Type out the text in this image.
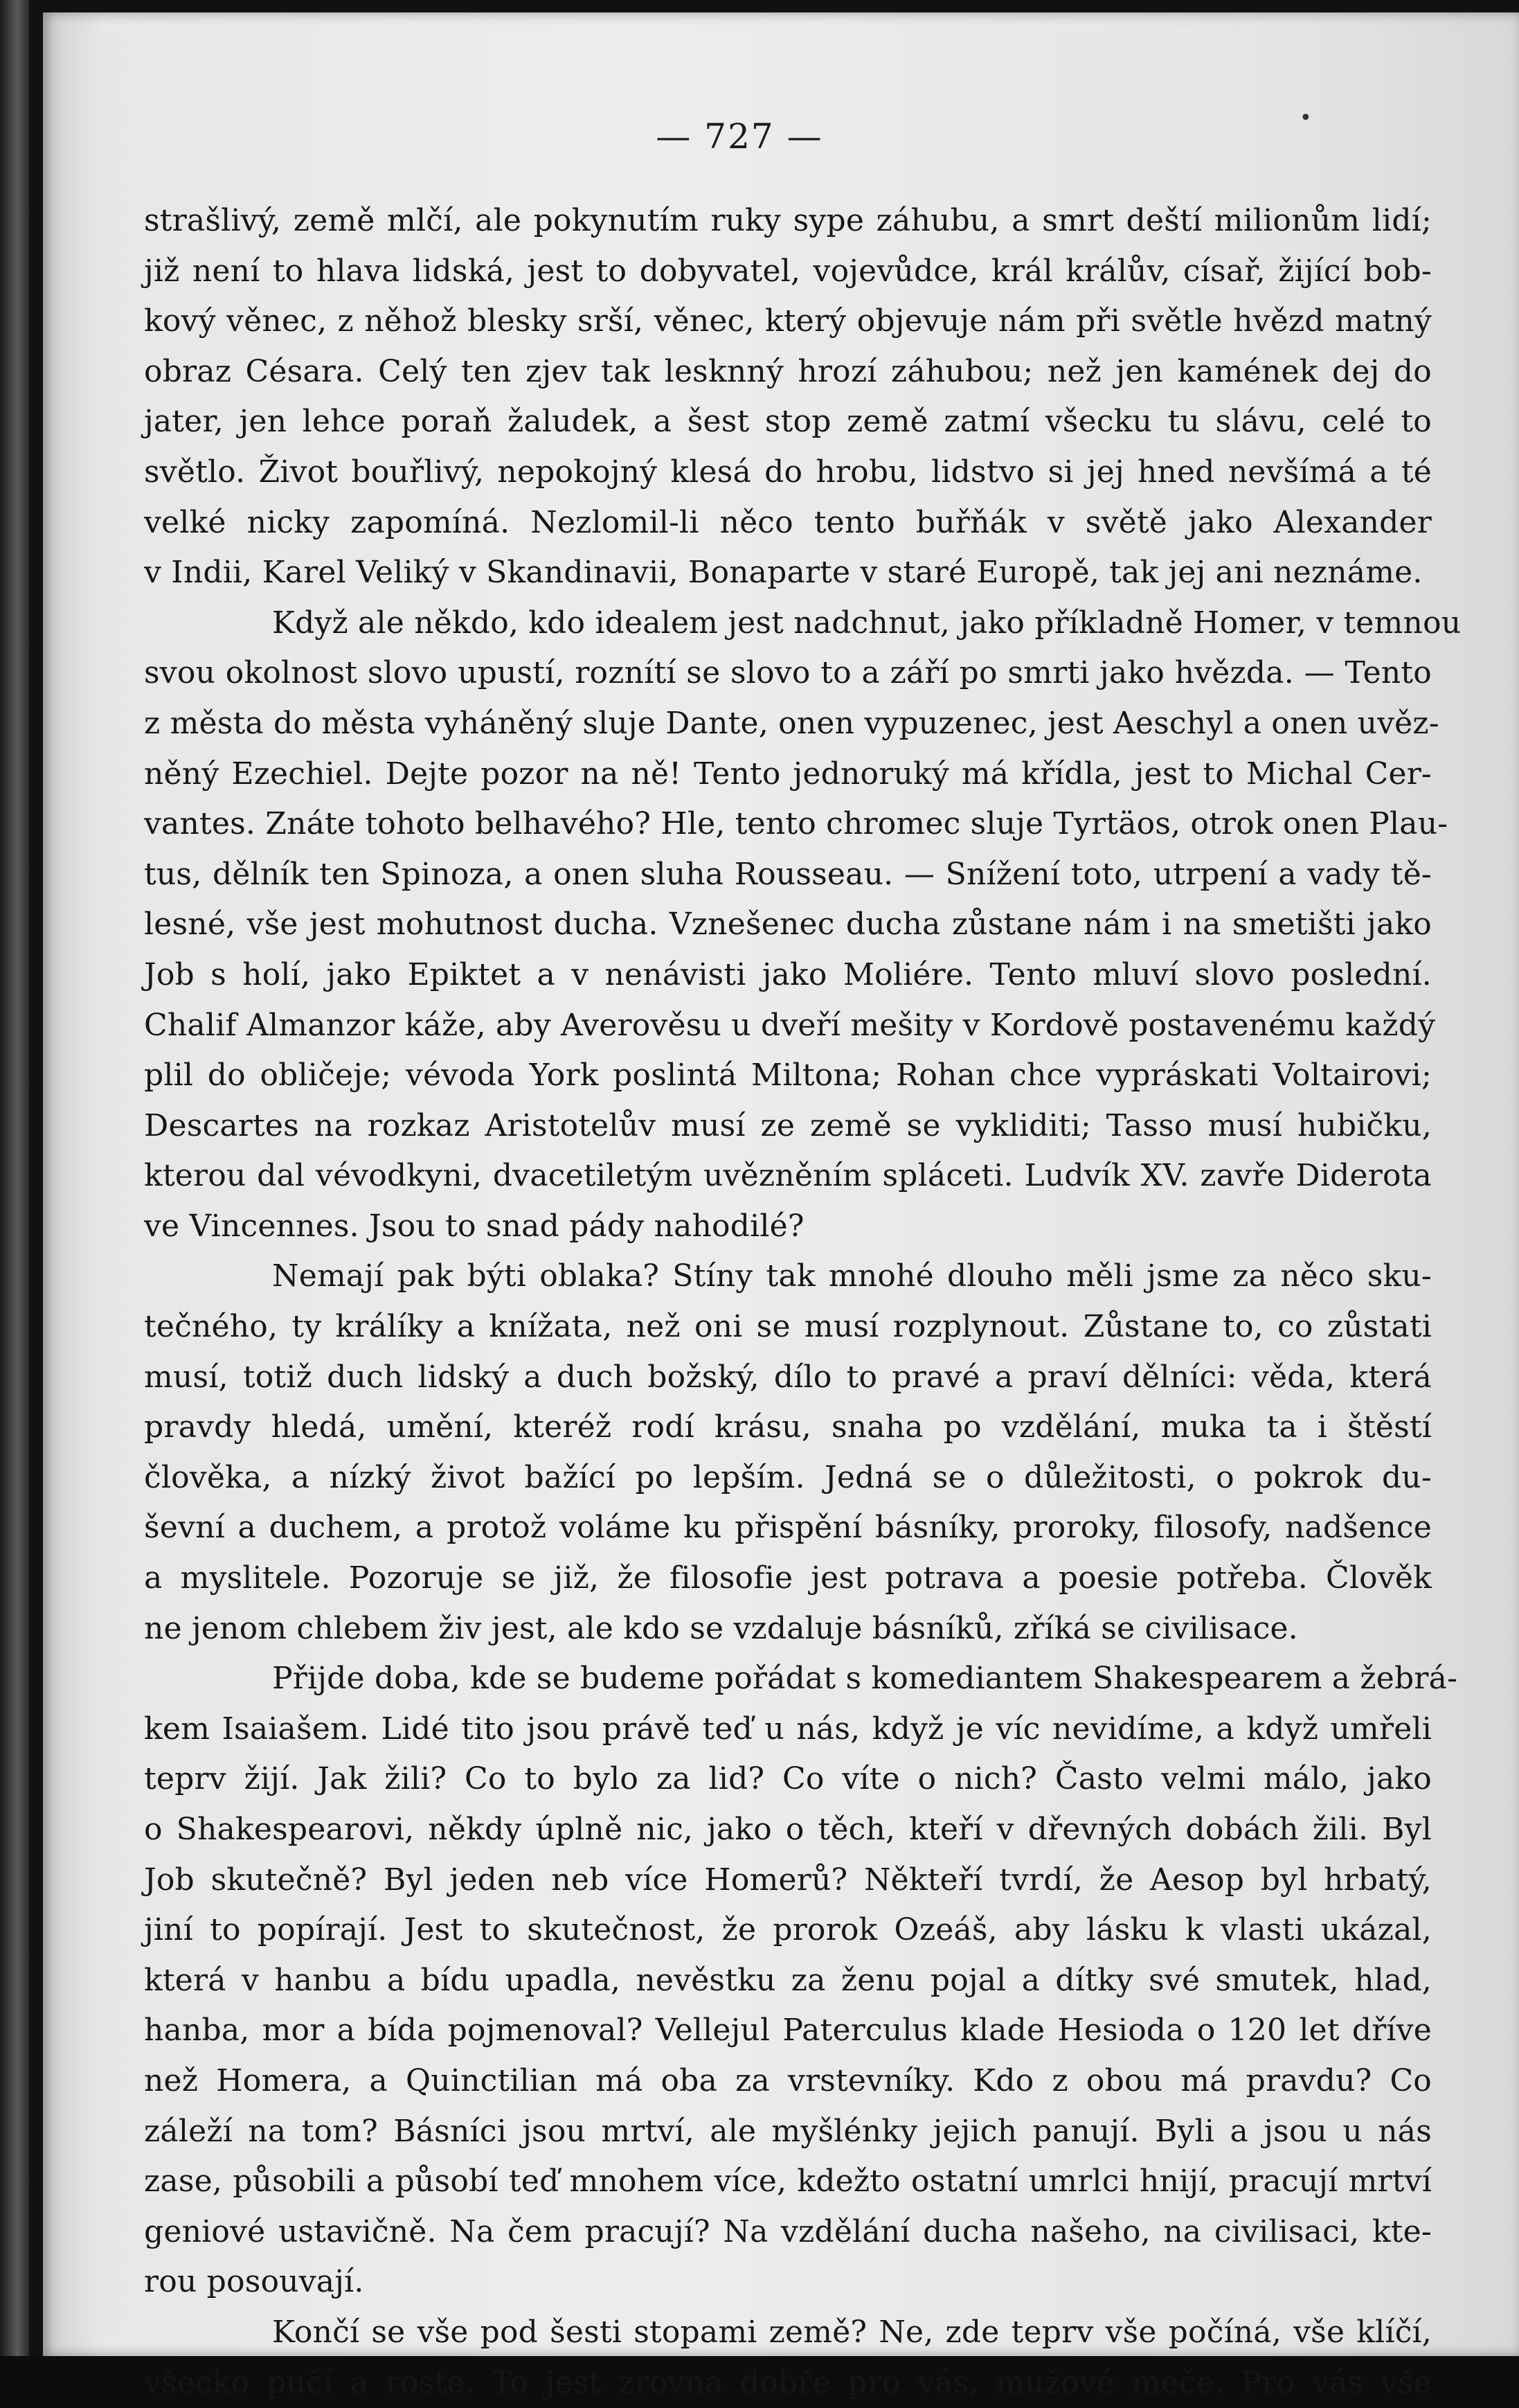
— 727 —	•
strašlivý, země mlčí, ale pokynutím ruky sype záhubu, a smrt deští milionům lidí;
již není to hlava lidská, jest to dobyvatel, vojevůdce, král králův, císař, žijící bob-
kový věnec, z něhož blesky srší, věnec, který objevuje nám při světle hvězd matný
obraz Césara. Celý ten zjev tak lesknný hrozí záhubou; než jen kamének dej do
jater, jen lehce poraň žaludek, a šest stop země zatmí všecku tu slávu, celé to
světlo. Život bouřlivý, nepokojný klesá do hrobu, lidstvo si jej hned nevšímá a té
velké nicky zapomíná. Nezlomil-li něco tento buřňák v světě jako Alexander
v Indii, Karel Veliký v Skandinavii, Bonaparte v staré Europě, tak jej ani neznáme.
Když ale někdo, kdo idealem jest nadchnut, jako příkladně Homer, v temnou
svou okolnost slovo upustí, roznítí se slovo to a září po smrti jako hvězda. — Tento
z města do města vyháněný sluje Dante, onen vypuzenec, jest Aeschyl a onen uvěz-
něný Ezechiel. Dejte pozor na ně! Tento jednoruký má křídla, jest to Michal Cer-
vantes. Znáte tohoto belhavého? Hle, tento chromec sluje Tyrtäos, otrok onen Plau-
tus, dělník ten Spinoza, a onen sluha Rousseau. — Snížení toto, utrpení a vady tě-
lesné, vše jest mohutnost ducha. Vznešenec ducha zůstane nám i na smetišti jako
Job s holí, jako Epiktet a v nenávisti jako Moliére. Tento mluví slovo poslední.
Chalif Almanzor káže, aby Averověsu u dveří mešity v Kordově postavenému každý
plil do obličeje; vévoda York poslintá Miltona; Rohan chce vypráskati Voltairovi;
Descartes na rozkaz Aristotelův musí ze země se vykliditi; Tasso musí hubičku,
kterou dal vévodkyni, dvacetiletým uvězněním spláceti. Ludvík XV. zavře Diderota
ve Vincennes. Jsou to snad pády nahodilé?
Nemají pak býti oblaka? Stíny tak mnohé dlouho měli jsme za něco sku-
tečného, ty králíky a knížata, než oni se musí rozplynout. Zůstane to, co zůstati
musí, totiž duch lidský a duch božský, dílo to pravé a praví dělníci: věda, která
pravdy hledá, umění, kteréž rodí krásu, snaha po vzdělání, muka ta i štěstí
člověka, a nízký život bažící po lepším. Jedná se o důležitosti, o pokrok du-
ševní a duchem, a protož voláme ku přispění básníky, proroky, filosofy, nadšence
a myslitele. Pozoruje se již, že filosofie jest potrava a poesie potřeba. Člověk
ne jenom chlebem živ jest, ale kdo se vzdaluje básníků, zříká se civilisace.
Přijde doba, kde se budeme pořádat s komediantem Shakespearem a žebrá-
kem Isaiašem. Lidé tito jsou právě teď u nás, když je víc nevidíme, a když umřeli
teprv žijí. Jak žili? Co to bylo za lid? Co víte o nich? Často velmi málo, jako
o Shakespearovi, někdy úplně nic, jako o těch, kteří v dřevných dobách žili. Byl
Job skutečně? Byl jeden neb více Homerů? Někteří tvrdí, že Aesop byl hrbatý,
jiní to popírají. Jest to skutečnost, že prorok Ozeáš, aby lásku k vlasti ukázal,
která v hanbu a bídu upadla, nevěstku za ženu pojal a dítky své smutek, hlad,
hanba, mor a bída pojmenoval? Vellejul Paterculus klade Hesioda o 120 let dříve
než Homera, a Quinctilian má oba za vrstevníky. Kdo z obou má pravdu? Co
záleží na tom? Básníci jsou mrtví, ale myšlénky jejich panují. Byli a jsou u nás
zase, působili a působí teď mnohem více, kdežto ostatní umrlci hnijí, pracují mrtví
geniové ustavičně. Na čem pracují? Na vzdělání ducha našeho, na civilisaci, kte-
rou posouvají.
Končí se vše pod šesti stopami země? Ne, zde teprv vše počíná, vše klíčí,
všecko pučí a roste. To jest zrovna dobře pro vás, mužové meče. Pro vás vše
